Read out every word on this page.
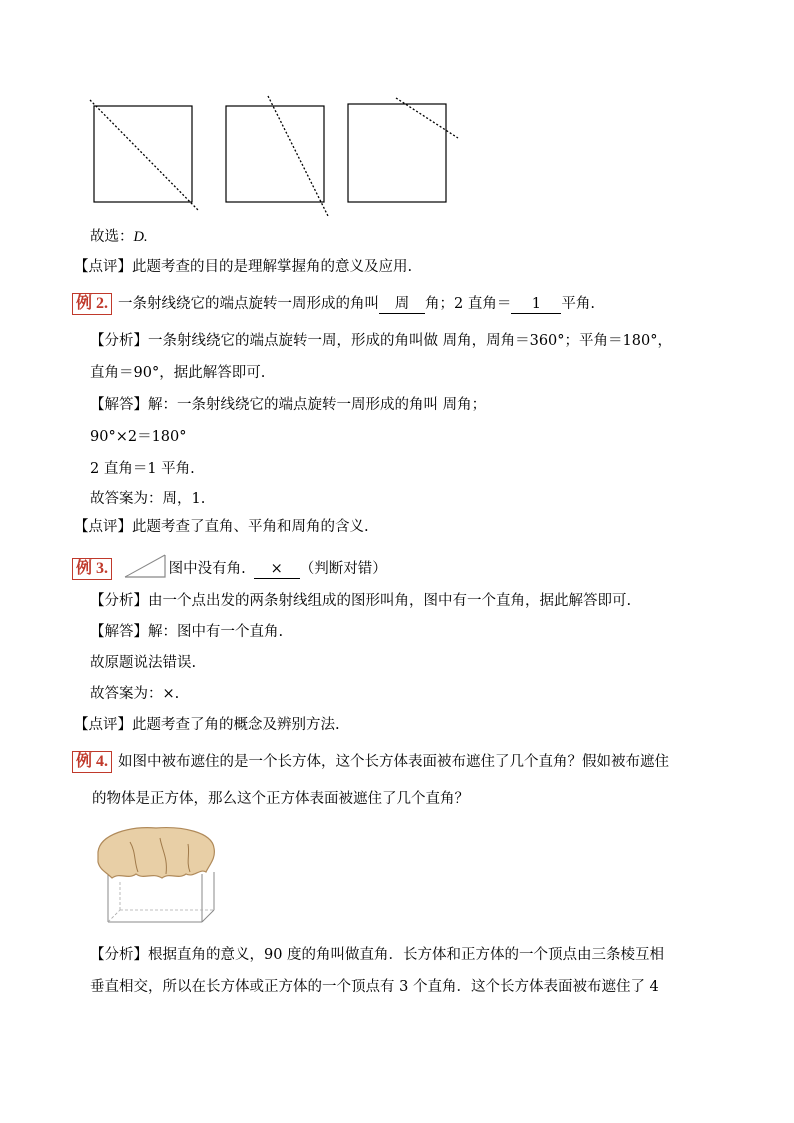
故选：D.
【点评】此题考查的目的是理解掌握角的意义及应用.
例 2. 一条射线绕它的端点旋转一周形成的角叫 周 角；2 直角＝ 1 平角.
【分析】一条射线绕它的端点旋转一周，形成的角叫做 周角，周角＝360°；平角＝180°，
直角＝90°，据此解答即可.
【解答】解：一条射线绕它的端点旋转一周形成的角叫 周角；
90°×2＝180°
2 直角＝1 平角.
故答案为：周，1.
【点评】此题考查了直角、平角和周角的含义.
例 3.	图中没有角. × （判断对错）
【分析】由一个点出发的两条射线组成的图形叫角，图中有一个直角，据此解答即可.
【解答】解：图中有一个直角.
故原题说法错误.
故答案为：×.
【点评】此题考查了角的概念及辨别方法.
例 4. 如图中被布遮住的是一个长方体，这个长方体表面被布遮住了几个直角？假如被布遮住
的物体是正方体，那么这个正方体表面被遮住了几个直角？
【分析】根据直角的意义，90 度的角叫做直角．长方体和正方体的一个顶点由三条棱互相
垂直相交，所以在长方体或正方体的一个顶点有 3 个直角．这个长方体表面被布遮住了 4
